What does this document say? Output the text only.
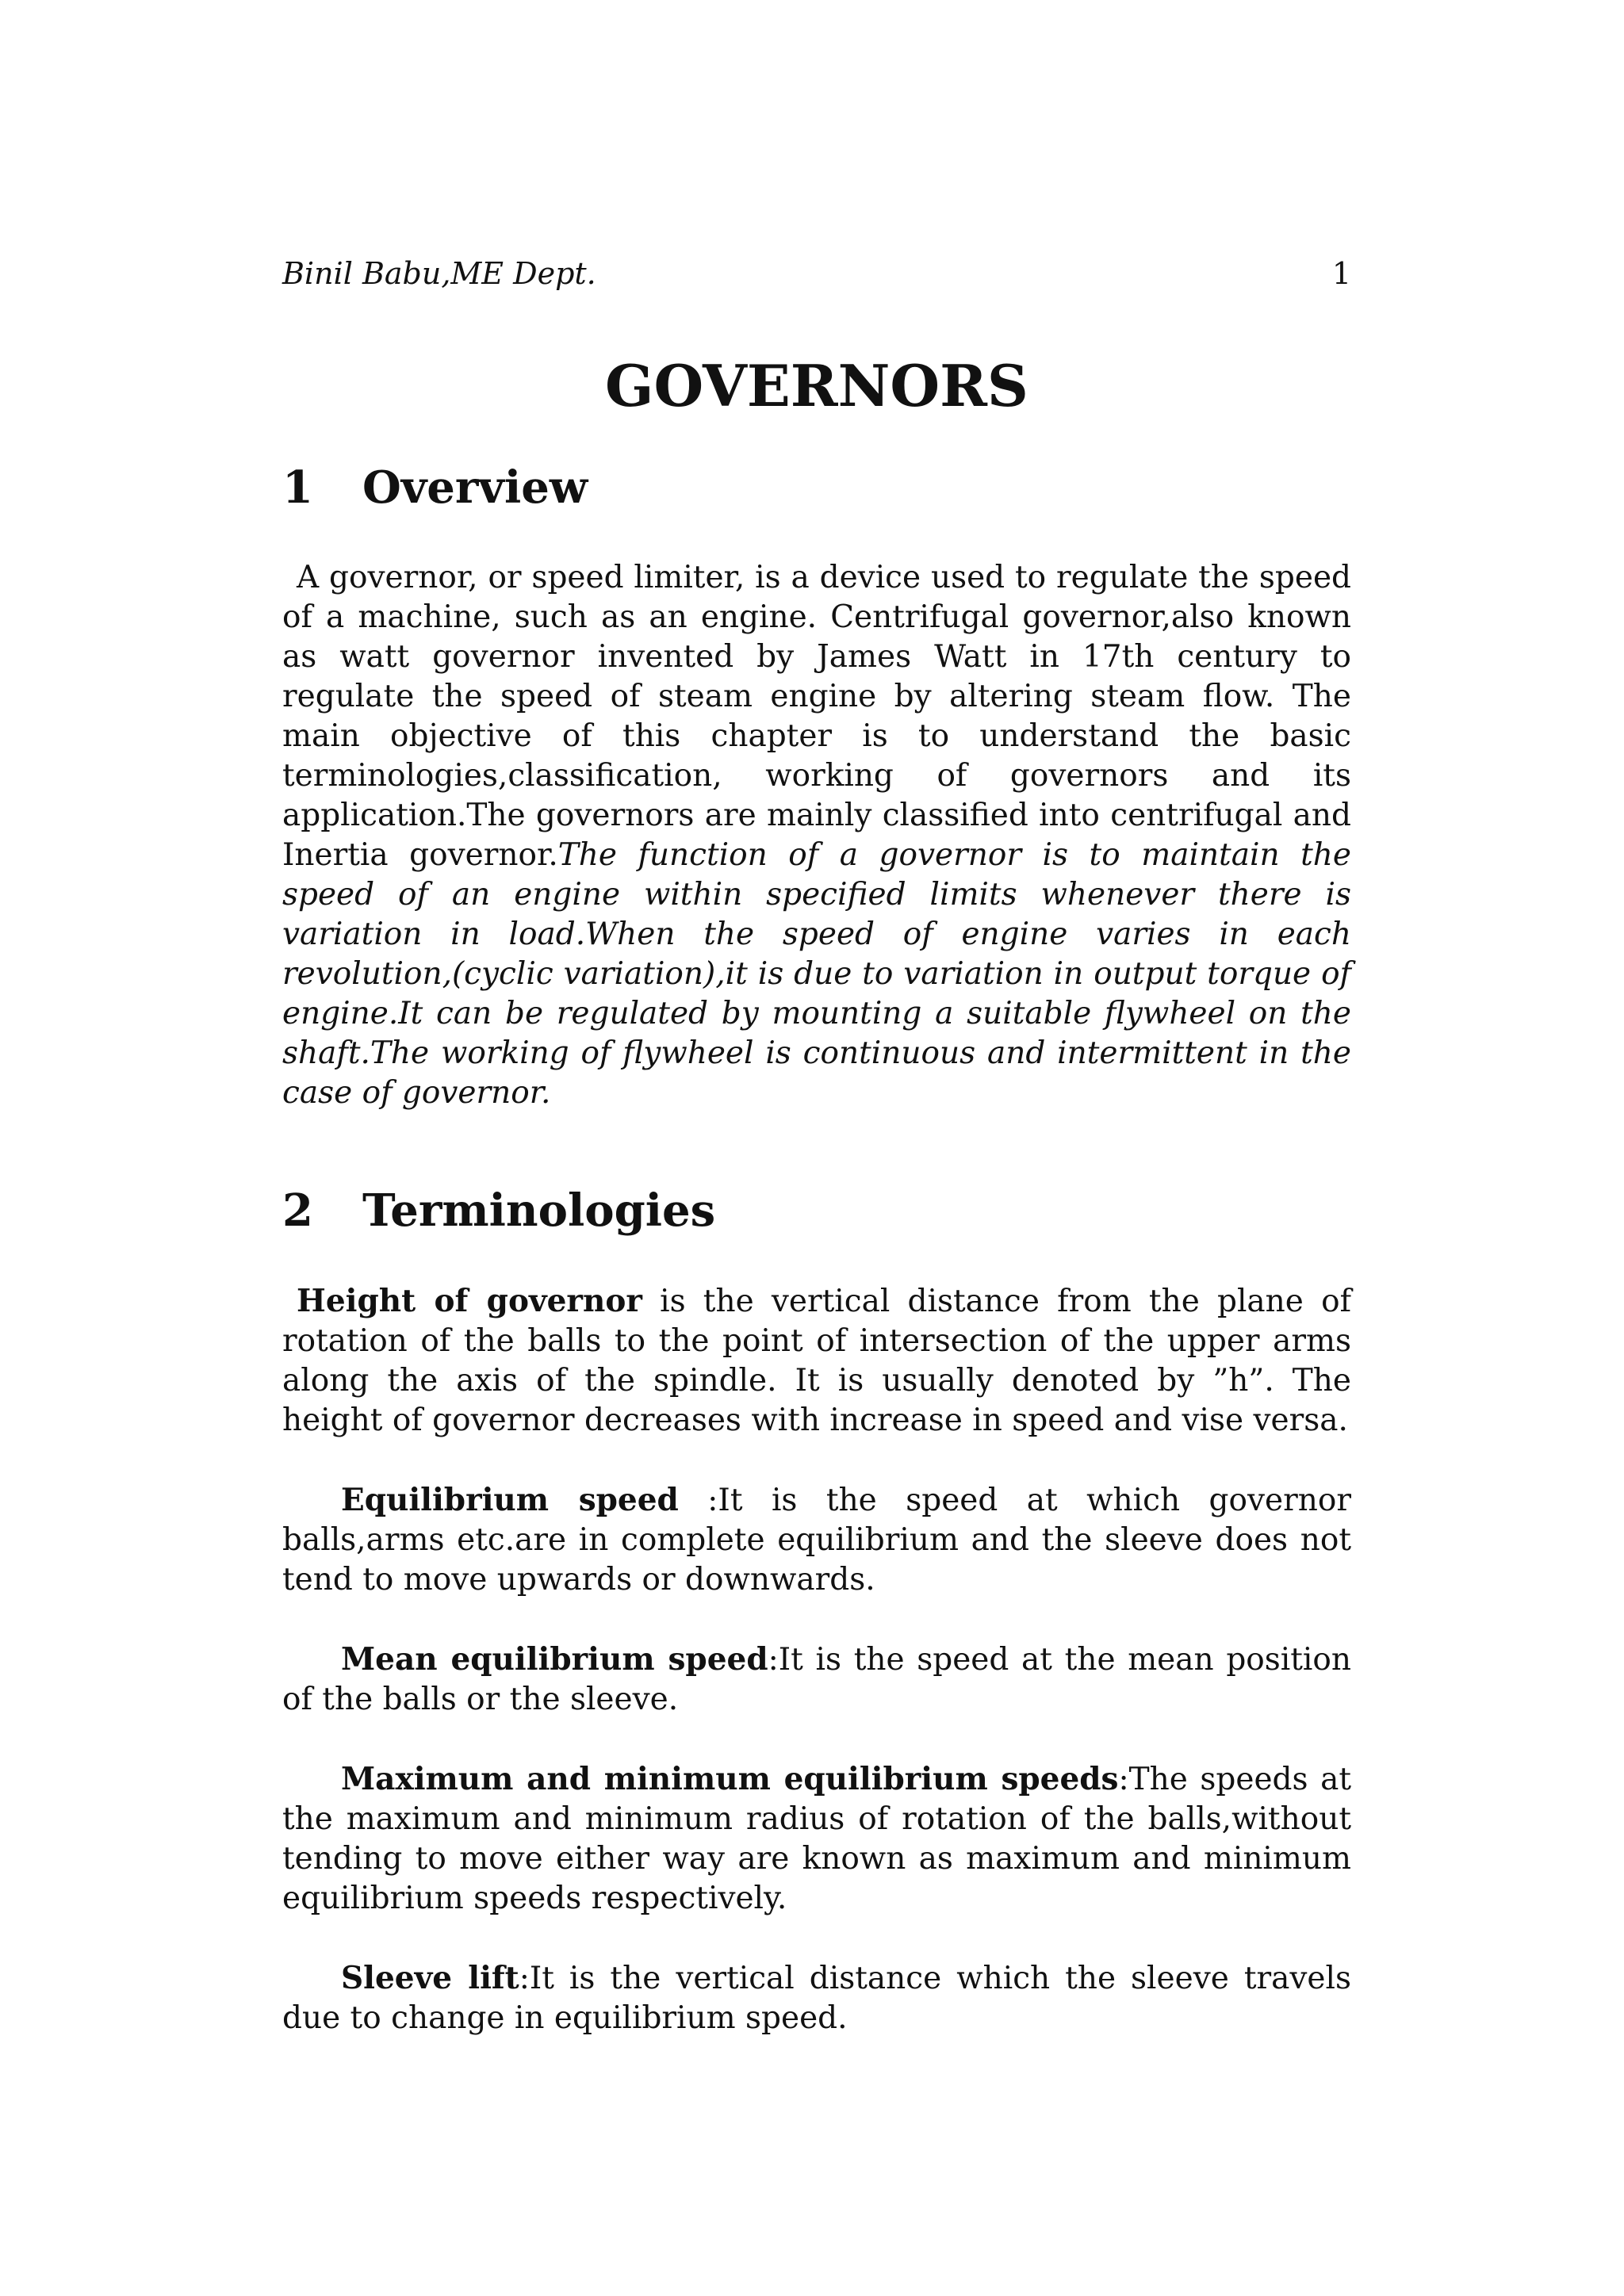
Binil Babu,ME Dept.	1
GOVERNORS
1 Overview

A governor, or speed limiter, is a device used to regulate the speed of a machine, such as an engine. Centrifugal governor,also known as watt governor invented by James Watt in 17th century to regulate the speed of steam engine by altering steam flow. The main objective of this chapter is to understand the basic terminologies,classification, working of governors and its application.The governors are mainly classified into centrifugal and Inertia governor.The function of a governor is to maintain the speed of an engine within specified limits whenever there is variation in load.When the speed of engine varies in each revolution,(cyclic variation),it is due to variation in output torque of engine.It can be regulated by mounting a suitable flywheel on the shaft.The working of flywheel is continuous and intermittent in the case of governor.

2 Terminologies

Height of governor is the vertical distance from the plane of rotation of the balls to the point of intersection of the upper arms along the axis of the spindle. It is usually denoted by ”h”. The height of governor decreases with increase in speed and vise versa.

Equilibrium speed :It is the speed at which governor balls,arms etc.are in complete equilibrium and the sleeve does not tend to move upwards or downwards.

Mean equilibrium speed:It is the speed at the mean position of the balls or the sleeve.

Maximum and minimum equilibrium speeds:The speeds at the maximum and minimum radius of rotation of the balls,without tending to move either way are known as maximum and minimum equilibrium speeds respectively.

Sleeve lift:It is the vertical distance which the sleeve travels due to change in equilibrium speed.
